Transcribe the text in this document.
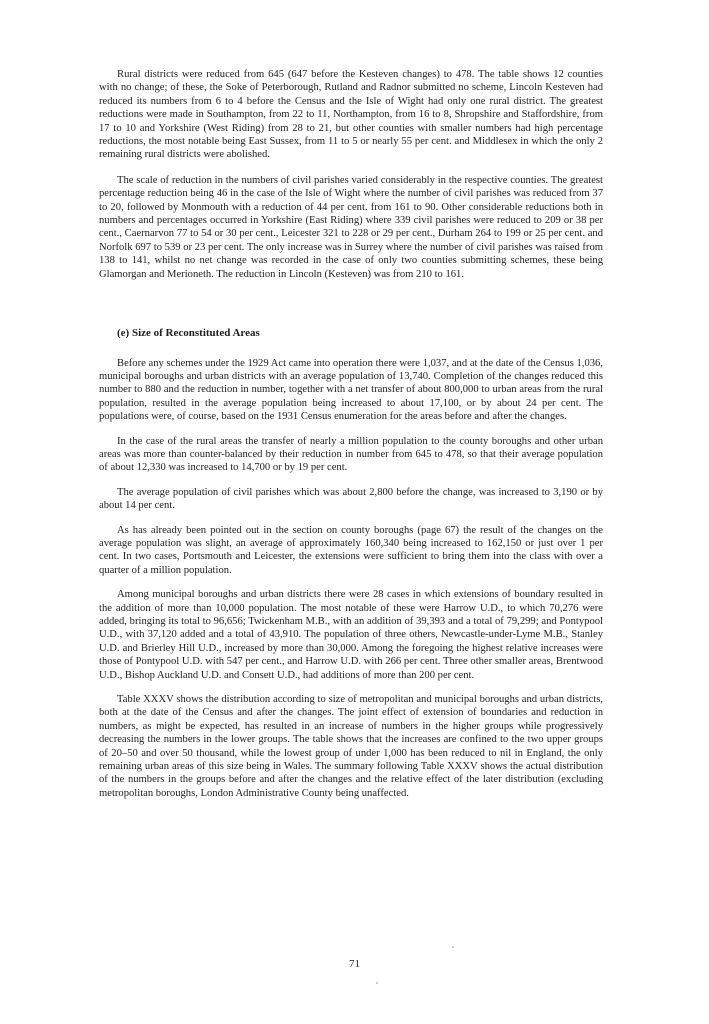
Rural districts were reduced from 645 (647 before the Kesteven changes) to 478. The table shows 12 counties with no change; of these, the Soke of Peterborough, Rutland and Radnor submitted no scheme, Lincoln Kesteven had reduced its numbers from 6 to 4 before the Census and the Isle of Wight had only one rural district. The greatest reductions were made in Southampton, from 22 to 11, Northampton, from 16 to 8, Shropshire and Staffordshire, from 17 to 10 and Yorkshire (West Riding) from 28 to 21, but other counties with smaller numbers had high percentage reductions, the most notable being East Sussex, from 11 to 5 or nearly 55 per cent. and Middlesex in which the only 2 remaining rural districts were abolished.

The scale of reduction in the numbers of civil parishes varied considerably in the respective counties. The greatest percentage reduction being 46 in the case of the Isle of Wight where the number of civil parishes was reduced from 37 to 20, followed by Monmouth with a reduction of 44 per cent. from 161 to 90. Other considerable reductions both in numbers and percentages occurred in Yorkshire (East Riding) where 339 civil parishes were reduced to 209 or 38 per cent., Caernarvon 77 to 54 or 30 per cent., Leicester 321 to 228 or 29 per cent., Durham 264 to 199 or 25 per cent. and Norfolk 697 to 539 or 23 per cent. The only increase was in Surrey where the number of civil parishes was raised from 138 to 141, whilst no net change was recorded in the case of only two counties submitting schemes, these being Glamorgan and Merioneth. The reduction in Lincoln (Kesteven) was from 210 to 161.

(e) Size of Reconstituted Areas

Before any schemes under the 1929 Act came into operation there were 1,037, and at the date of the Census 1,036, municipal boroughs and urban districts with an average population of 13,740. Completion of the changes reduced this number to 880 and the reduction in number, together with a net transfer of about 800,000 to urban areas from the rural population, resulted in the average population being increased to about 17,100, or by about 24 per cent. The populations were, of course, based on the 1931 Census enumeration for the areas before and after the changes.

In the case of the rural areas the transfer of nearly a million population to the county boroughs and other urban areas was more than counter-balanced by their reduction in number from 645 to 478, so that their average population of about 12,330 was increased to 14,700 or by 19 per cent.

The average population of civil parishes which was about 2,800 before the change, was increased to 3,190 or by about 14 per cent.

As has already been pointed out in the section on county boroughs (page 67) the result of the changes on the average population was slight, an average of approximately 160,340 being increased to 162,150 or just over 1 per cent. In two cases, Portsmouth and Leicester, the extensions were sufficient to bring them into the class with over a quarter of a million population.

Among municipal boroughs and urban districts there were 28 cases in which extensions of boundary resulted in the addition of more than 10,000 population. The most notable of these were Harrow U.D., to which 70,276 were added, bringing its total to 96,656; Twickenham M.B., with an addition of 39,393 and a total of 79,299; and Pontypool U.D., with 37,120 added and a total of 43,910. The population of three others, Newcastle-under-Lyme M.B., Stanley U.D. and Brierley Hill U.D., increased by more than 30,000. Among the foregoing the highest relative increases were those of Pontypool U.D. with 547 per cent., and Harrow U.D. with 266 per cent. Three other smaller areas, Brentwood U.D., Bishop Auckland U.D. and Consett U.D., had additions of more than 200 per cent.

Table XXXV shows the distribution according to size of metropolitan and municipal boroughs and urban districts, both at the date of the Census and after the changes. The joint effect of extension of boundaries and reduction in numbers, as might be expected, has resulted in an increase of numbers in the higher groups while progressively decreasing the numbers in the lower groups. The table shows that the increases are confined to the two upper groups of 20–50 and over 50 thousand, while the lowest group of under 1,000 has been reduced to nil in England, the only remaining urban areas of this size being in Wales. The summary following Table XXXV shows the actual distribution of the numbers in the groups before and after the changes and the relative effect of the later distribution (excluding metropolitan boroughs, London Administrative County being unaffected.

71
